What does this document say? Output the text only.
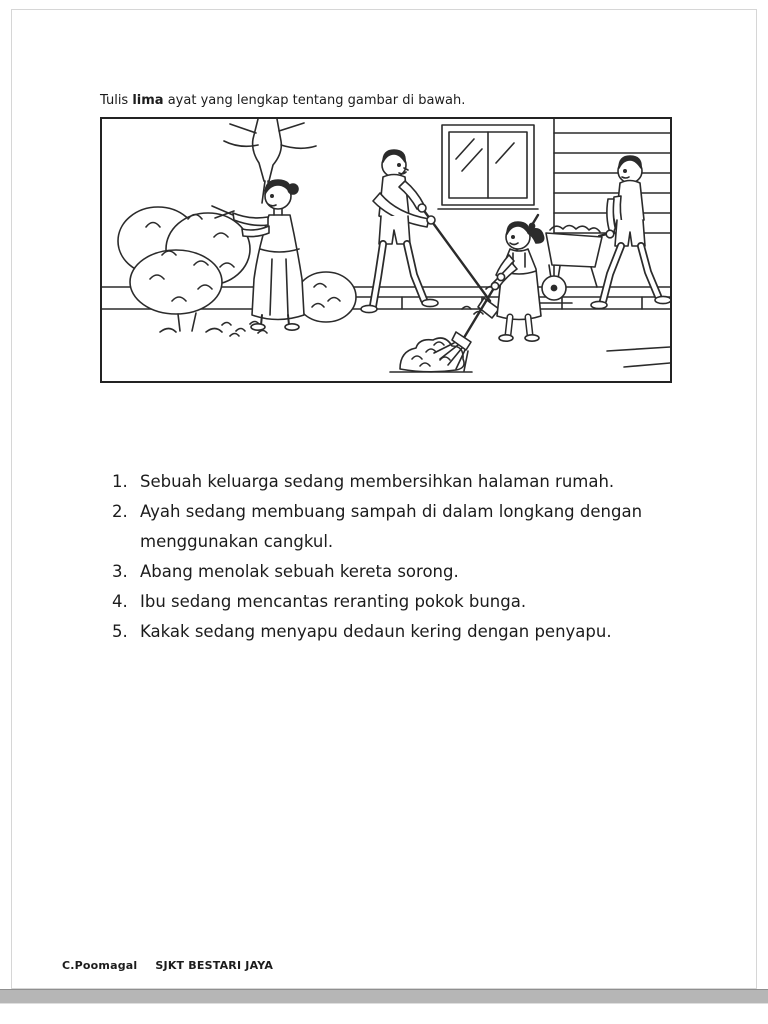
Tulis lima ayat yang lengkap tentang gambar di bawah.
1. Sebuah keluarga sedang membersihkan halaman rumah.
2. Ayah sedang membuang sampah di dalam longkang dengan menggunakan cangkul.
3. Abang menolak sebuah kereta sorong.
4. Ibu sedang mencantas reranting pokok bunga.
5. Kakak sedang menyapu dedaun kering dengan penyapu.
C.Poomagal SJKT BESTARI JAYA
